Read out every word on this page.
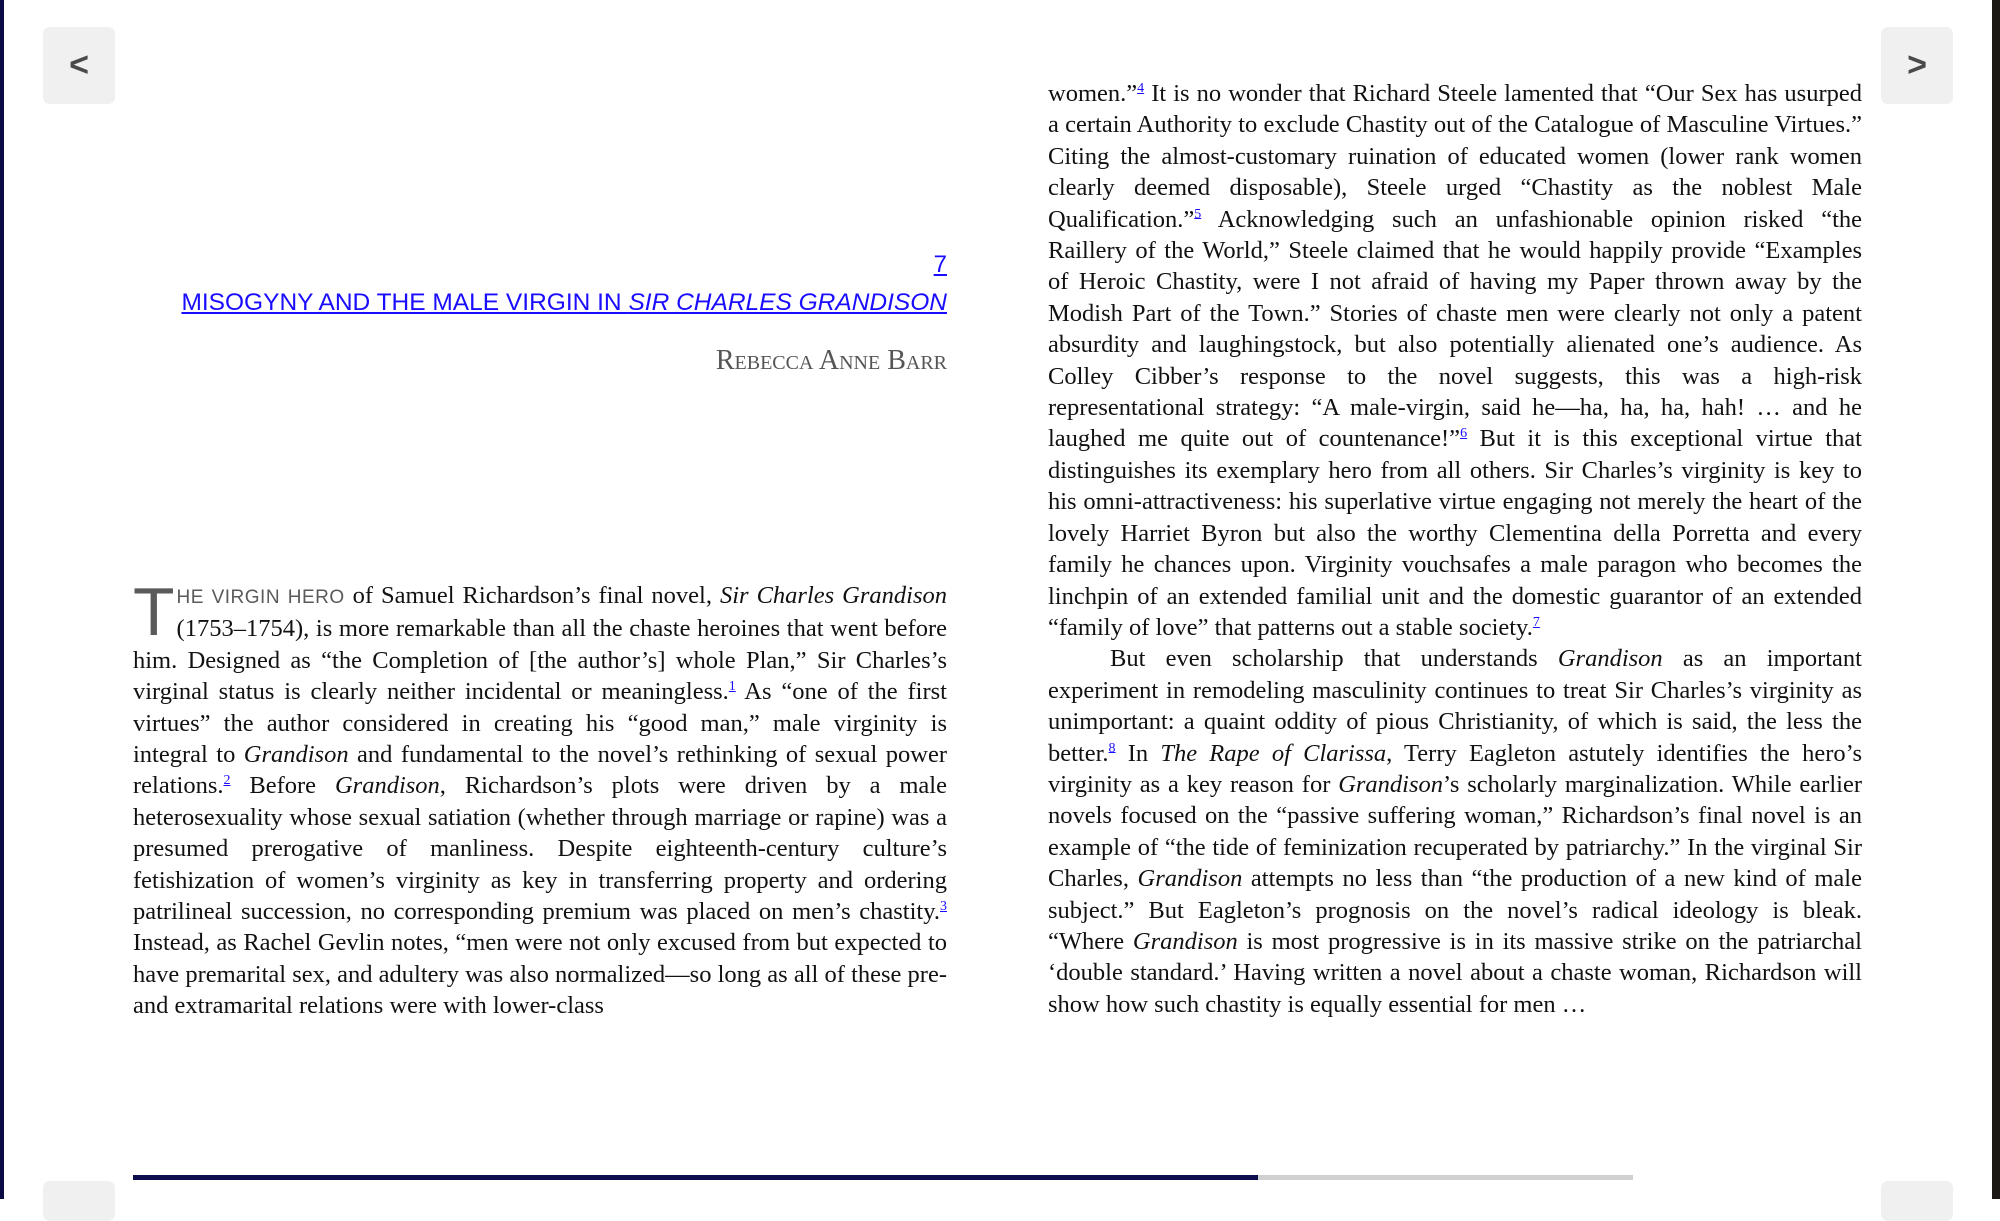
<	>
7
MISOGYNY AND THE MALE VIRGIN IN SIR CHARLES GRANDISON
Rebecca Anne Barr

THE VIRGIN HERO of Samuel Richardson’s final novel, Sir Charles Grandison (1753–1754), is more remarkable than all the chaste heroines that went before him. Designed as “the Completion of [the author’s] whole Plan,” Sir Charles’s virginal status is clearly neither incidental or meaningless.$^1$ As “one of the first virtues” the author considered in creating his “good man,” male virginity is integral to Grandison and fundamental to the novel’s rethinking of sexual power relations.$^2$ Before Grandison, Richardson’s plots were driven by a male heterosexuality whose sexual satiation (whether through marriage or rapine) was a presumed prerogative of manliness. Despite eighteenth-century culture’s fetishization of women’s virginity as key in transferring property and ordering patrilineal succession, no corresponding premium was placed on men’s chastity.$^3$ Instead, as Rachel Gevlin notes, “men were not only excused from but expected to have premarital sex, and adultery was also normalized—so long as all of these pre- and extramarital relations were with lower-class

women.”$^4$ It is no wonder that Richard Steele lamented that “Our Sex has usurped a certain Authority to exclude Chastity out of the Catalogue of Masculine Virtues.” Citing the almost-customary ruination of educated women (lower rank women clearly deemed disposable), Steele urged “Chastity as the noblest Male Qualification.”$^5$ Acknowledging such an unfashionable opinion risked “the Raillery of the World,” Steele claimed that he would happily provide “Examples of Heroic Chastity, were I not afraid of having my Paper thrown away by the Modish Part of the Town.” Stories of chaste men were clearly not only a patent absurdity and laughingstock, but also potentially alienated one’s audience. As Colley Cibber’s response to the novel suggests, this was a high-risk representational strategy: “A male-virgin, said he—ha, ha, ha, hah! … and he laughed me quite out of countenance!”$^6$ But it is this exceptional virtue that distinguishes its exemplary hero from all others. Sir Charles’s virginity is key to his omni-attractiveness: his superlative virtue engaging not merely the heart of the lovely Harriet Byron but also the worthy Clementina della Porretta and every family he chances upon. Virginity vouchsafes a male paragon who becomes the linchpin of an extended familial unit and the domestic guarantor of an extended “family of love” that patterns out a stable society.$^7$

But even scholarship that understands Grandison as an important experiment in remodeling masculinity continues to treat Sir Charles’s virginity as unimportant: a quaint oddity of pious Christianity, of which is said, the less the better.$^8$ In The Rape of Clarissa, Terry Eagleton astutely identifies the hero’s virginity as a key reason for Grandison’s scholarly marginalization. While earlier novels focused on the “passive suffering woman,” Richardson’s final novel is an example of “the tide of feminization recuperated by patriarchy.” In the virginal Sir Charles, Grandison attempts no less than “the production of a new kind of male subject.” But Eagleton’s prognosis on the novel’s radical ideology is bleak. “Where Grandison is most progressive is in its massive strike on the patriarchal ‘double standard.’ Having written a novel about a chaste woman, Richardson will show how such chastity is equally essential for men …
